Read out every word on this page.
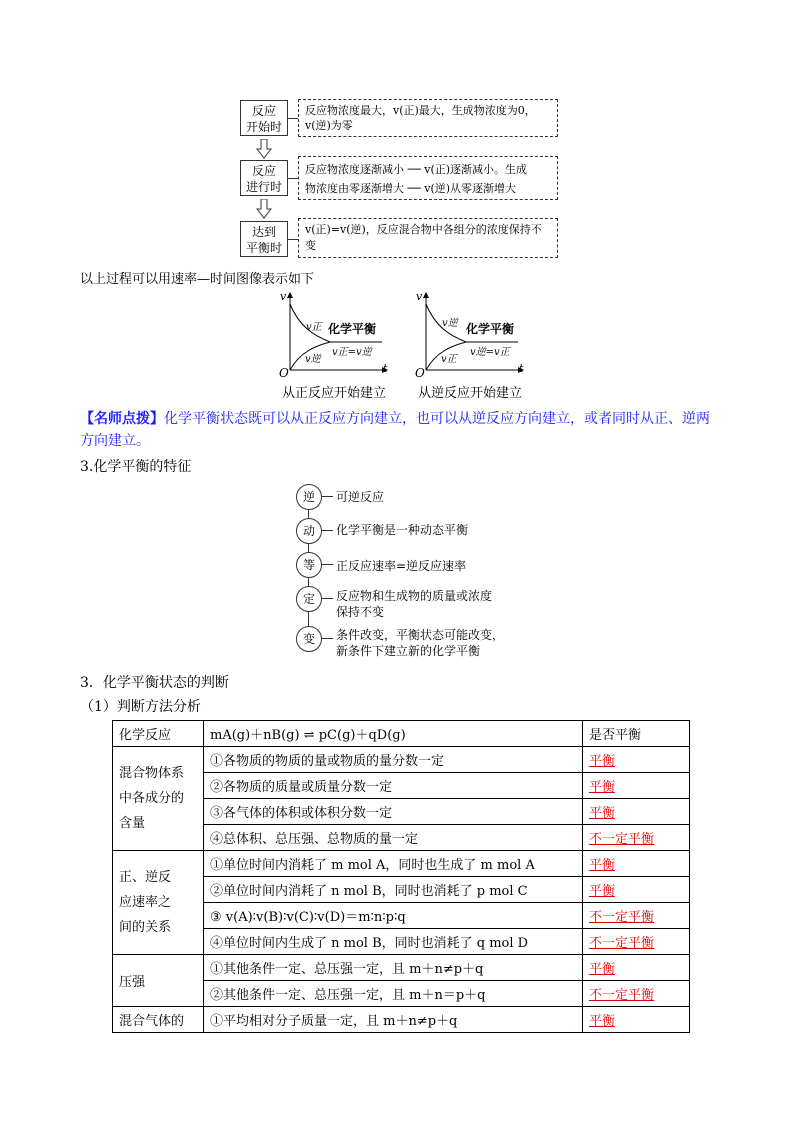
反应
开始时
反应物浓度最大，v(正)最大，生成物浓度为0，v(逆)为零
反应
进行时
反应物浓度逐渐减小 ── v(正)逐渐减小。生成
物浓度由零逐渐增大 ── v(逆)从零逐渐增大
达到
平衡时
v(正)=v(逆)，反应混合物中各组分的浓度保持不变
以上过程可以用速率—时间图像表示如下
v
t
O
v正
v逆
化学平衡
v正=v逆
从正反应开始建立
v
t
O
v逆
v正
化学平衡
v逆=v正
从逆反应开始建立
【名师点拨】化学平衡状态既可以从正反应方向建立，也可以从逆反应方向建立，或者同时从正、逆两方向建立。
3.化学平衡的特征
逆	可逆反应
动	化学平衡是一种动态平衡
等	正反应速率=逆反应速率
定	反应物和生成物的质量或浓度
保持不变
变	条件改变，平衡状态可能改变，
新条件下建立新的化学平衡
3．化学平衡状态的判断
（1）判断方法分析
化学反应	mA(g)＋nB(g) ⇌ pC(g)＋qD(g)	是否平衡
混合物体系
中各成分的
含量	①各物质的物质的量或物质的量分数一定	平衡
	②各物质的质量或质量分数一定	平衡
	③各气体的体积或体积分数一定	平衡
	④总体积、总压强、总物质的量一定	不一定平衡
正、逆反
应速率之
间的关系	①单位时间内消耗了 m mol A，同时也生成了 m mol A	平衡
	②单位时间内消耗了 n mol B，同时也消耗了 p mol C	平衡
	③ v(A)∶v(B)∶v(C)∶v(D)＝m∶n∶p∶q	不一定平衡
	④单位时间内生成了 n mol B，同时也消耗了 q mol D	不一定平衡
压强	①其他条件一定、总压强一定，且 m＋n≠p＋q	平衡
	②其他条件一定、总压强一定，且 m＋n＝p＋q	不一定平衡
混合气体的	①平均相对分子质量一定，且 m＋n≠p＋q	平衡
